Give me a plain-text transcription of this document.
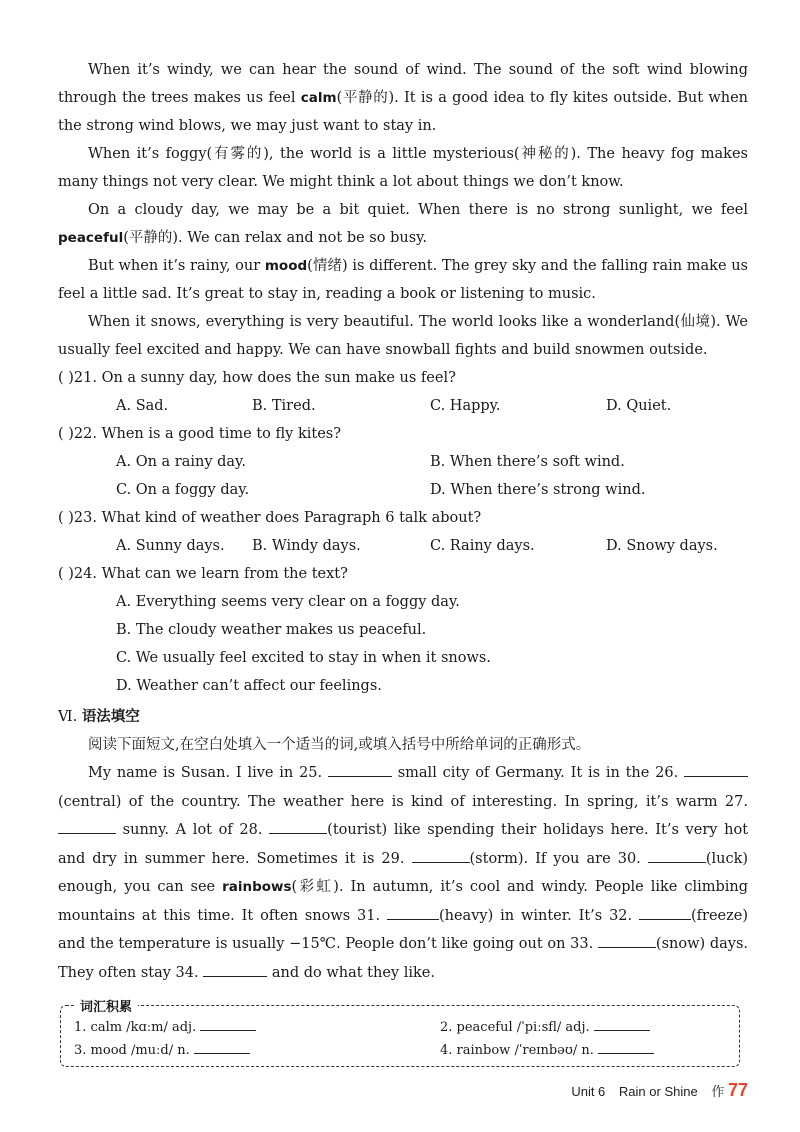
When it’s windy, we can hear the sound of wind. The sound of the soft wind blowing through the trees makes us feel calm(平静的). It is a good idea to fly kites outside. But when the strong wind blows, we may just want to stay in.

When it’s foggy(有雾的), the world is a little mysterious(神秘的). The heavy fog makes many things not very clear. We might think a lot about things we don’t know.

On a cloudy day, we may be a bit quiet. When there is no strong sunlight, we feel peaceful(平静的). We can relax and not be so busy.

But when it’s rainy, our mood(情绪) is different. The grey sky and the falling rain make us feel a little sad. It’s great to stay in, reading a book or listening to music.

When it snows, everything is very beautiful. The world looks like a wonderland(仙境). We usually feel excited and happy. We can have snowball fights and build snowmen outside.

( )21. On a sunny day, how does the sun make us feel?
A. Sad.	B. Tired.	C. Happy.	D. Quiet.
( )22. When is a good time to fly kites?
A. On a rainy day.	B. When there’s soft wind.
C. On a foggy day.	D. When there’s strong wind.
( )23. What kind of weather does Paragraph 6 talk about?
A. Sunny days. B. Windy days.	C. Rainy days.	D. Snowy days.
( )24. What can we learn from the text?
A. Everything seems very clear on a foggy day.
B. The cloudy weather makes us peaceful.
C. We usually feel excited to stay in when it snows.
D. Weather can’t affect our feelings.
Ⅵ. 语法填空
阅读下面短文,在空白处填入一个适当的词,或填入括号中所给单词的正确形式。

My name is Susan. I live in 25.	small city of Germany. It is in the 26.  (central) of the country. The weather here is kind of interesting. In spring, it’s warm 27.  sunny. A lot of 28.	(tourist) like spending their holidays here. It’s very hot and dry in summer here. Sometimes it is 29.	(storm). If you are 30.	(luck) enough, you can see rainbows(彩虹). In autumn, it’s cool and windy. People like climbing mountains at this time. It often snows 31.	(heavy) in winter. It’s 32.	(freeze) and the temperature is usually −15℃. People don’t like going out on 33.	(snow) days. They often stay 34.	and do what they like.

词汇积累
1. calm /kɑːm/ adj.	2. peaceful /ˈpiːsfl/ adj.
3. mood /muːd/ n.	4. rainbow /ˈreɪnbəʊ/ n.
Unit 6 Rain or Shine 作 77
